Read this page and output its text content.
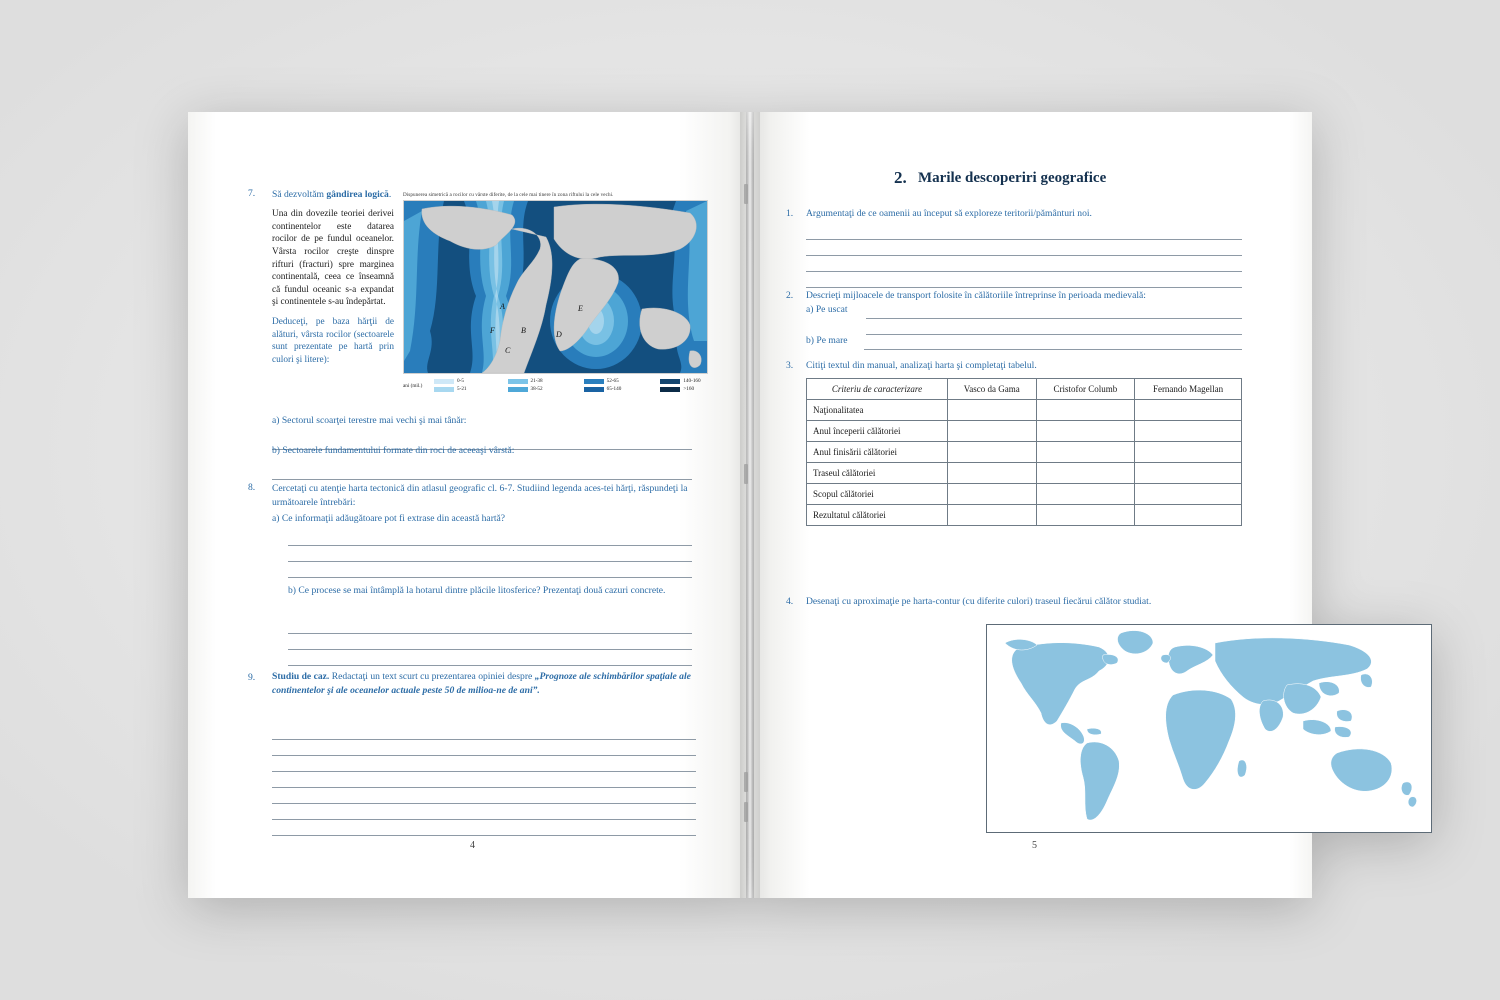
7. Să dezvoltăm gândirea logică.
Una din dovezile teoriei derivei continentelor este datarea rocilor de pe fundul oceanelor. Vârsta rocilor creşte dinspre rifturi (fracturi) spre marginea continentală, ceea ce înseamnă că fundul oceanic s-a expandat şi continentele s-au îndepărtat.
Deduceţi, pe baza hărţii de alături, vârsta rocilor (sectoarele sunt prezentate pe hartă prin culori şi litere):
Dispunerea simetrică a rocilor cu vârste diferite, de la cele mai tinere în zona riftului la cele vechi.
A
B
C
D
E
F
ani (mil.)
0-5
5-21
21-38
38-52
52-65
65-140
140-160
>160
a) Sectorul scoarţei terestre mai vechi şi mai tânăr:
b) Sectoarele fundamentului formate din roci de aceeaşi vârstă:
8. Cercetaţi cu atenţie harta tectonică din atlasul geografic cl. 6-7. Studiind legenda aces-tei hărţi, răspundeţi la următoarele întrebări:
a) Ce informaţii adăugătoare pot fi extrase din această hartă?
b) Ce procese se mai întâmplă la hotarul dintre plăcile litosferice? Prezentaţi două cazuri concrete.
9. Studiu de caz. Redactaţi un text scurt cu prezentarea opiniei despre „Prognoze ale schimbărilor spaţiale ale continentelor şi ale oceanelor actuale peste 50 de milioa-ne de ani”.
4
2. Marile descoperiri geografice
1. Argumentaţi de ce oamenii au început să exploreze teritorii/pământuri noi.
2. Descrieţi mijloacele de transport folosite în călătoriile întreprinse în perioada medievală:
a) Pe uscat
b) Pe mare
3. Citiţi textul din manual, analizaţi harta şi completaţi tabelul.
Criteriu de caracterizare	Vasco da Gama	Cristofor Columb	Fernando Magellan
Naţionalitatea			
Anul începerii călătoriei			
Anul finisării călătoriei			
Traseul călătoriei			
Scopul călătoriei			
Rezultatul călătoriei			
4. Desenaţi cu aproximaţie pe harta-contur (cu diferite culori) traseul fiecărui călător studiat.
5
